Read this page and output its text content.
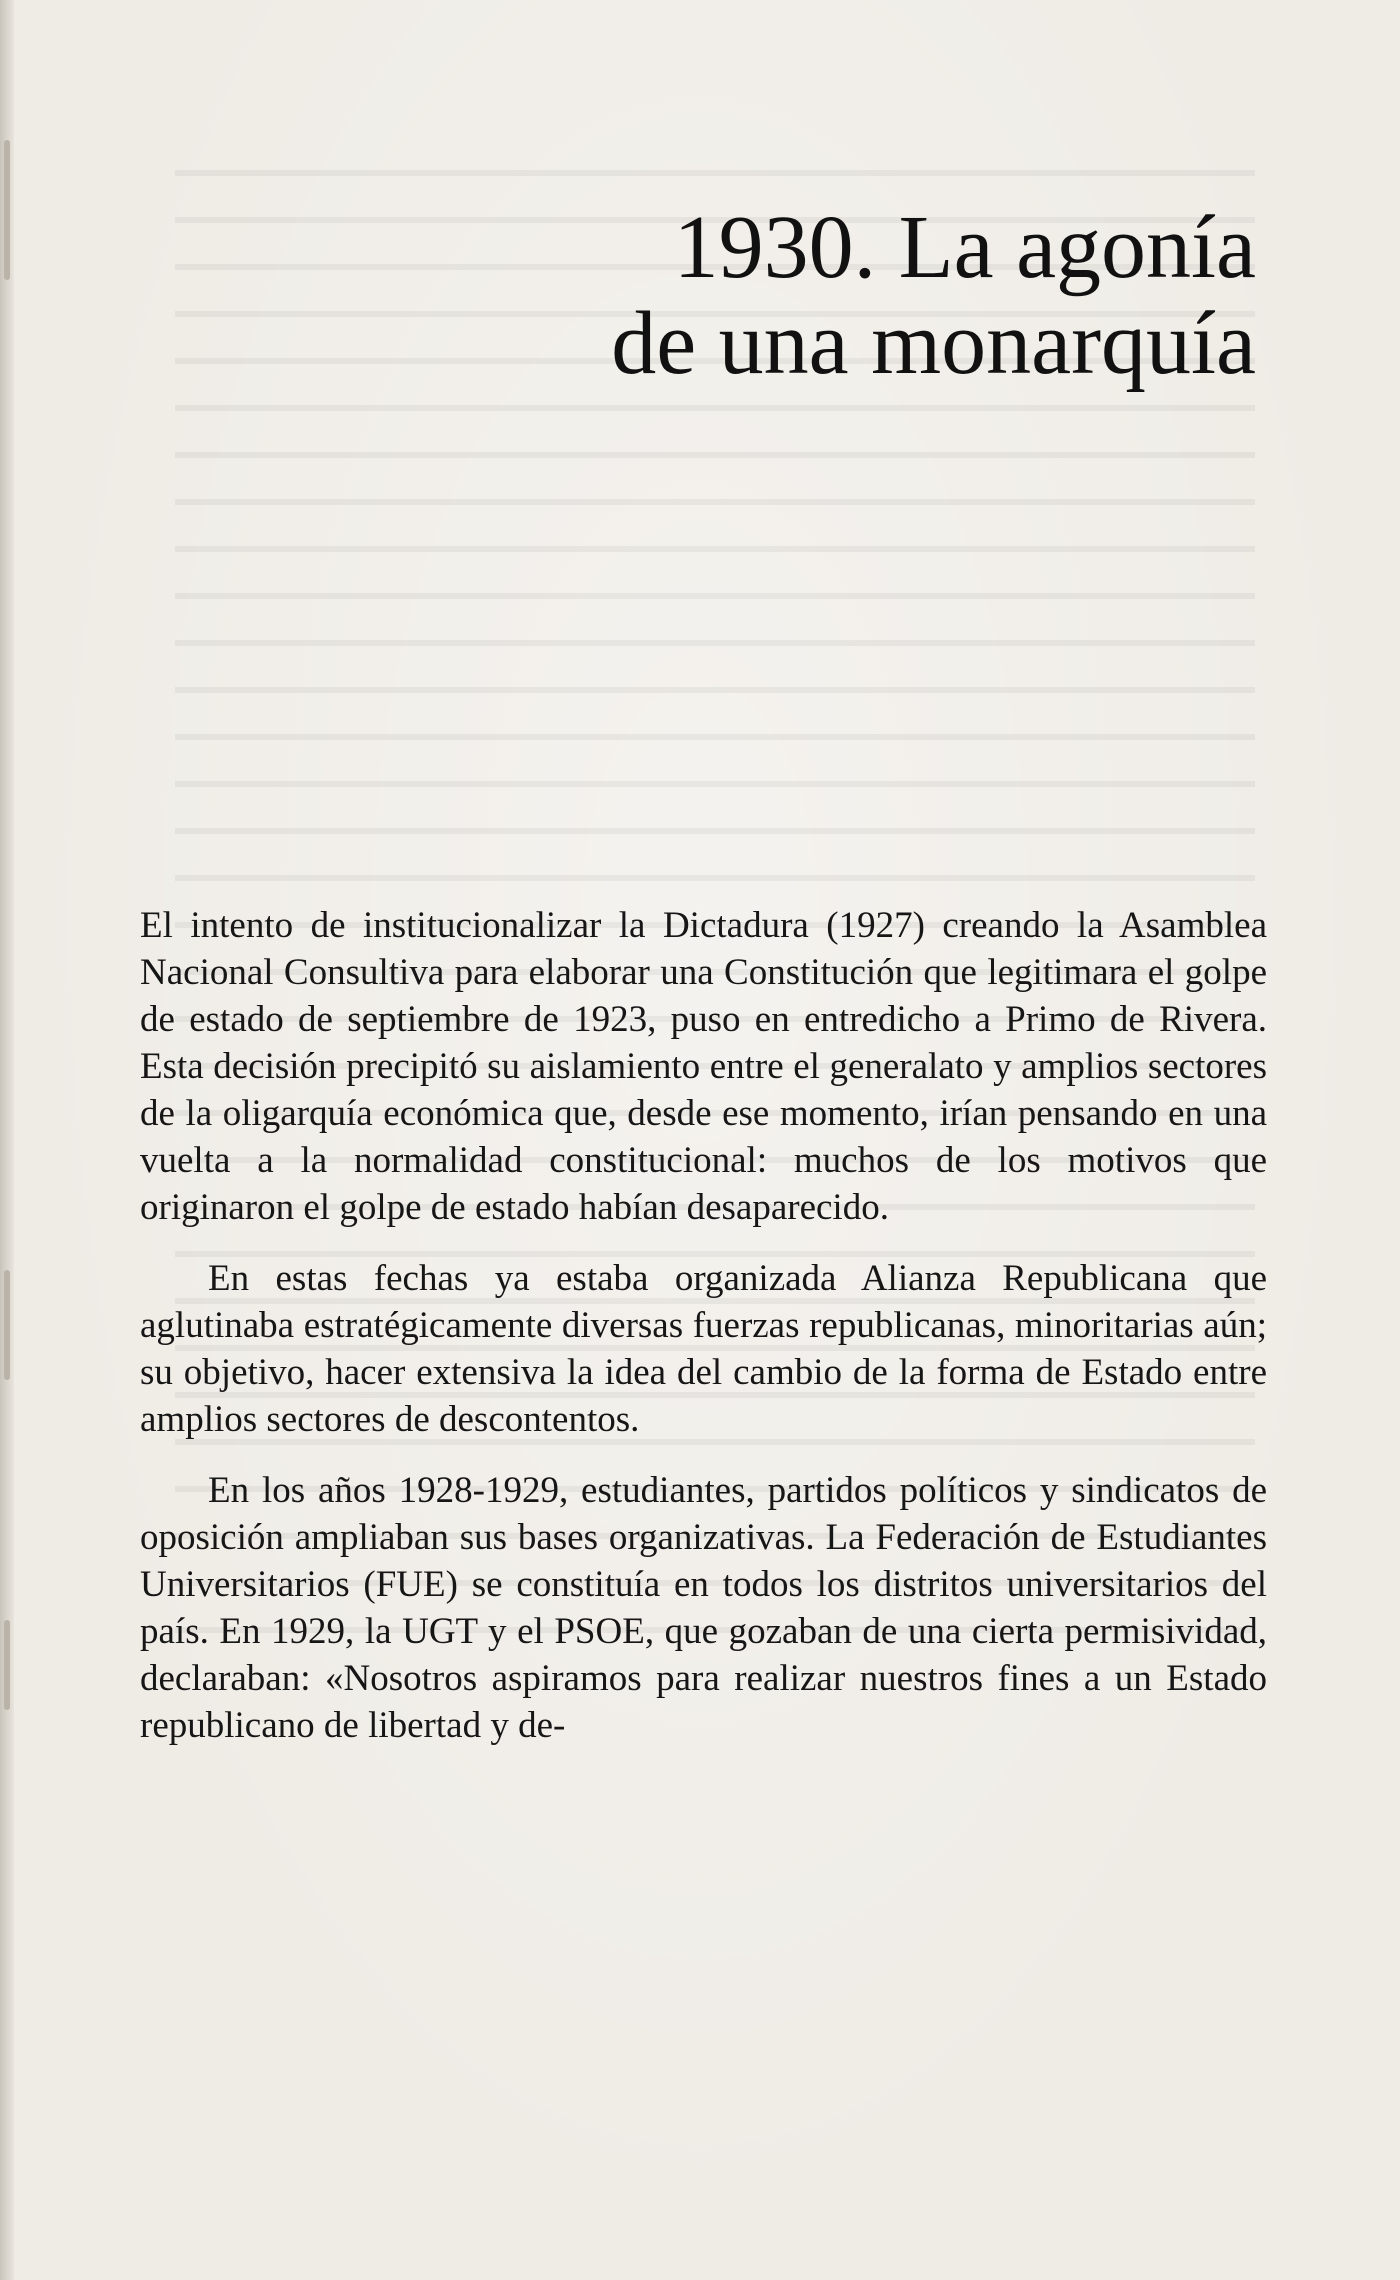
1930. La agonía
de una monarquía

El intento de institucionalizar la Dictadura (1927) creando la Asamblea Nacional Consultiva para elaborar una Constitución que legitimara el golpe de estado de septiembre de 1923, puso en entredicho a Primo de Rivera. Esta decisión precipitó su aislamiento entre el generalato y amplios sectores de la oligarquía económica que, desde ese momento, irían pensando en una vuelta a la normalidad constitucional: muchos de los motivos que originaron el golpe de estado habían desaparecido.

En estas fechas ya estaba organizada Alianza Republicana que aglutinaba estratégicamente diversas fuerzas republicanas, minoritarias aún; su objetivo, hacer extensiva la idea del cambio de la forma de Estado entre amplios sectores de descontentos.

En los años 1928-1929, estudiantes, partidos políticos y sindicatos de oposición ampliaban sus bases organizativas. La Federación de Estudiantes Universitarios (FUE) se constituía en todos los distritos universitarios del país. En 1929, la UGT y el PSOE, que gozaban de una cierta permisividad, declaraban: «Nosotros aspiramos para realizar nuestros fines a un Estado republicano de libertad y de-
